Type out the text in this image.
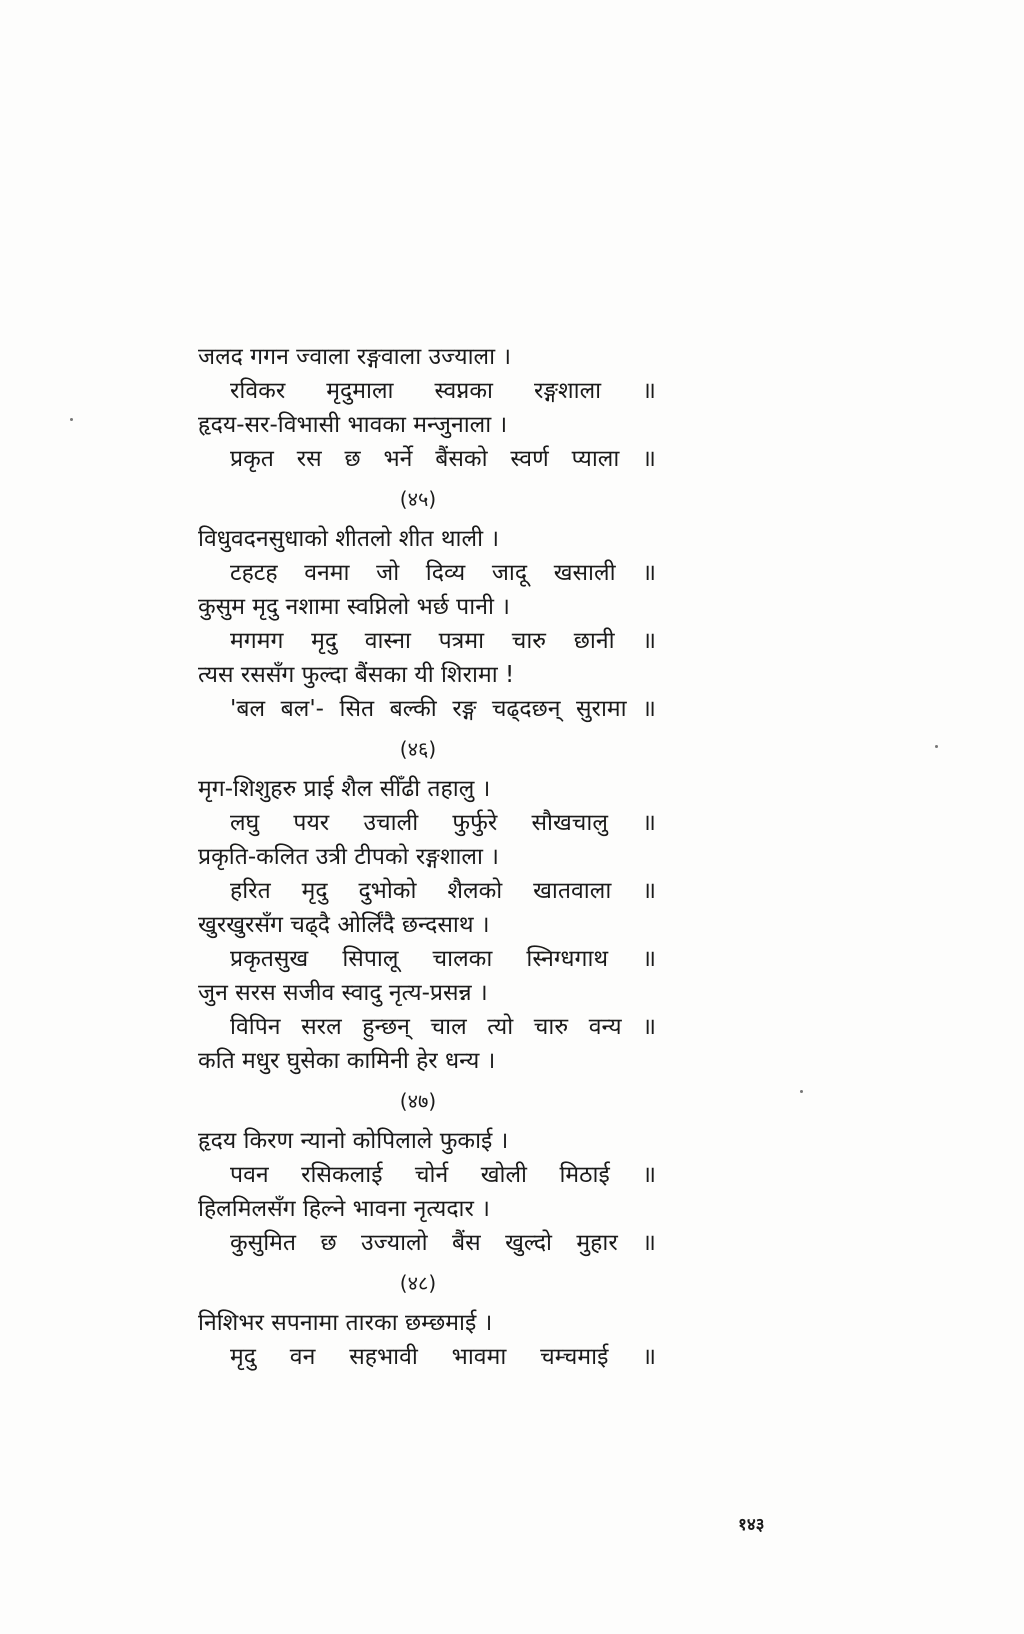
जलद गगन ज्वाला रङ्गवाला उज्याला ।
रविकर मृदुमाला स्वप्नका रङ्गशाला ॥
हृदय-सर-विभासी भावका मन्जुनाला ।
प्रकृत रस छ भर्ने बैंसको स्वर्ण प्याला ॥
(४५)
विधुवदनसुधाको शीतलो शीत थाली ।
टहटह वनमा जो दिव्य जादू खसाली ॥
कुसुम मृदु नशामा स्वप्निलो भर्छ पानी ।
मगमग मृदु वास्ना पत्रमा चारु छानी ॥
त्यस रससँग फुल्दा बैंसका यी शिरामा !
'बल बल'- सित बल्की रङ्ग चढ्दछन् सुरामा ॥
(४६)
मृग-शिशुहरु प्राई शैल सीँढी तहालु ।
लघु पयर उचाली फुर्फुरे सौखचालु ॥
प्रकृति-कलित उत्री टीपको रङ्गशाला ।
हरित मृदु दुभोको शैलको खातवाला ॥
खुरखुरसँग चढ्दै ओर्लिंदै छन्दसाथ ।
प्रकृतसुख सिपालू चालका स्निग्धगाथ ॥
जुन सरस सजीव स्वादु नृत्य-प्रसन्न ।
विपिन सरल हुन्छन् चाल त्यो चारु वन्य ॥
कति मधुर घुसेका कामिनी हेर धन्य ।
(४७)
हृदय किरण न्यानो कोपिलाले फुकाई ।
पवन रसिकलाई चोर्न खोली मिठाई ॥
हिलमिलसँग हिल्ने भावना नृत्यदार ।
कुसुमित छ उज्यालो बैंस खुल्दो मुहार ॥
(४८)
निशिभर सपनामा तारका छम्छमाई ।
मृदु वन सहभावी भावमा चम्चमाई ॥
१४३
